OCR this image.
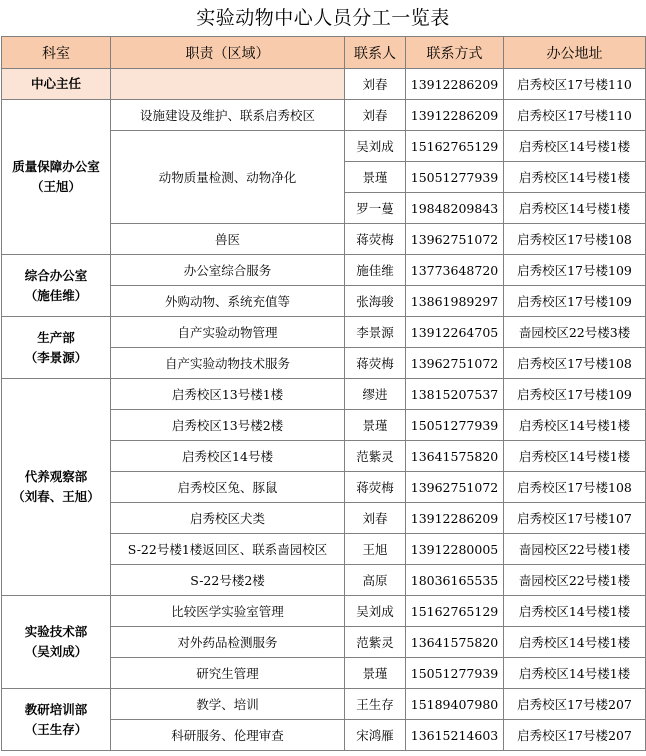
实验动物中心人员分工一览表
科室	职责（区域）	联系人	联系方式	办公地址
中心主任		刘春	13912286209	启秀校区17号楼110

质量保障办公室
（王旭）	设施建设及维护、联系启秀校区	刘春	13912286209	启秀校区17号楼110
	动物质量检测、动物净化	吴刘成	15162765129	启秀校区14号楼1楼
		景瑾	15051277939	启秀校区14号楼1楼
		罗一蔓	19848209843	启秀校区14号楼1楼
	兽医	蒋荧梅	13962751072	启秀校区17号楼108

综合办公室
（施佳维）	办公室综合服务	施佳维	13773648720	启秀校区17号楼109
	外购动物、系统充值等	张海骏	13861989297	启秀校区17号楼109

生产部
（李景源）	自产实验动物管理	李景源	13912264705	啬园校区22号楼3楼
	自产实验动物技术服务	蒋荧梅	13962751072	启秀校区17号楼108

代养观察部
（刘春、王旭）	启秀校区13号楼1楼	缪进	13815207537	启秀校区17号楼109
	启秀校区13号楼2楼	景瑾	15051277939	启秀校区14号楼1楼
	启秀校区14号楼	范紫灵	13641575820	启秀校区14号楼1楼
	启秀校区兔、豚鼠	蒋荧梅	13962751072	启秀校区17号楼108
	启秀校区犬类	刘春	13912286209	启秀校区17号楼107
	S-22号楼1楼返回区、联系啬园校区	王旭	13912280005	啬园校区22号楼1楼
	S-22号楼2楼	高原	18036165535	啬园校区22号楼1楼

实验技术部
（吴刘成）	比较医学实验室管理	吴刘成	15162765129	启秀校区14号楼1楼
	对外药品检测服务	范紫灵	13641575820	启秀校区14号楼1楼
	研究生管理	景瑾	15051277939	启秀校区14号楼1楼

教研培训部
（王生存）	教学、培训	王生存	15189407980	启秀校区17号楼207
	科研服务、伦理审查	宋鸿雁	13615214603	启秀校区17号楼207
